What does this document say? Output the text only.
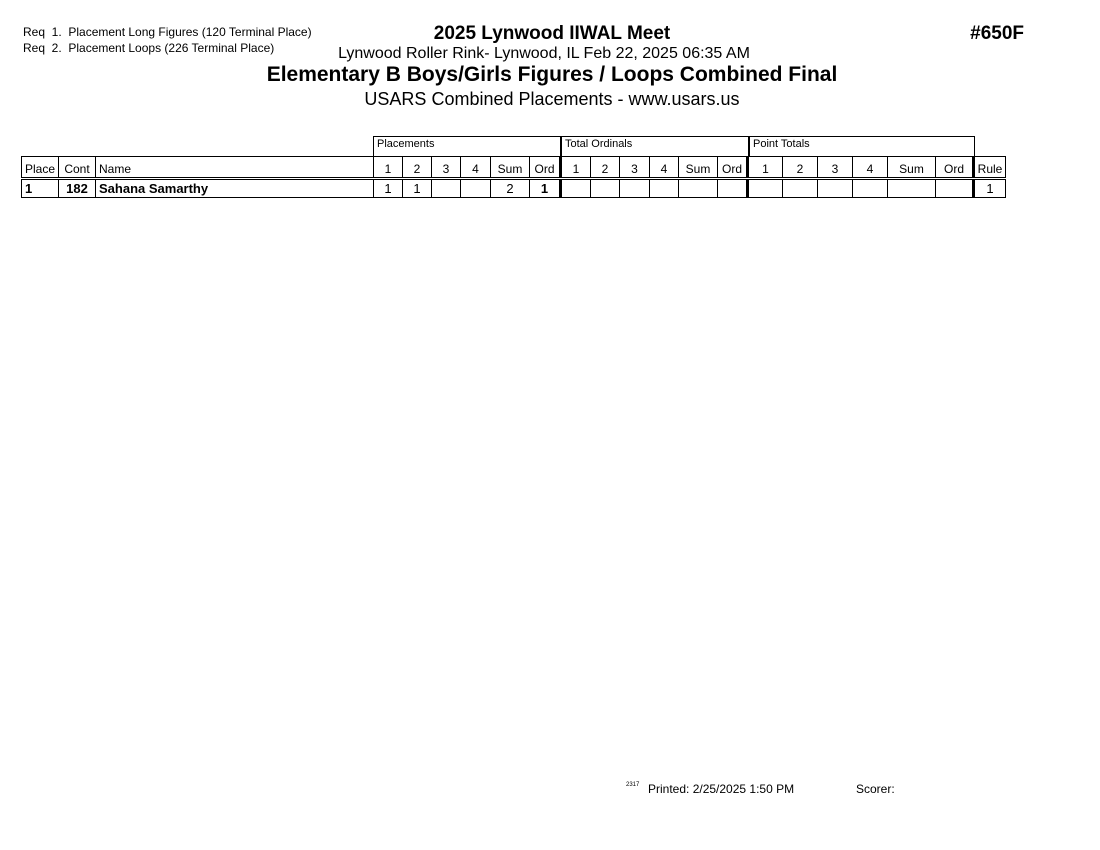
Req  1.  Placement Long Figures (120 Terminal Place)
Req  2.  Placement Loops (226 Terminal Place)
2025 Lynwood IIWAL Meet
Lynwood Roller Rink- Lynwood, IL Feb 22, 2025 06:35 AM
Elementary B Boys/Girls Figures / Loops Combined Final
USARS Combined Placements - www.usars.us
#650F
Placements	Total Ordinals	Point Totals
Place	Cont	Name	1	2	3	4	Sum	Ord	1	2	3	4	Sum	Ord	1	2	3	4	Sum	Ord	Rule
1	182	Sahana Samarthy	1	1			2	1													1
2317 Printed: 2/25/2025 1:50 PM	Scorer:
